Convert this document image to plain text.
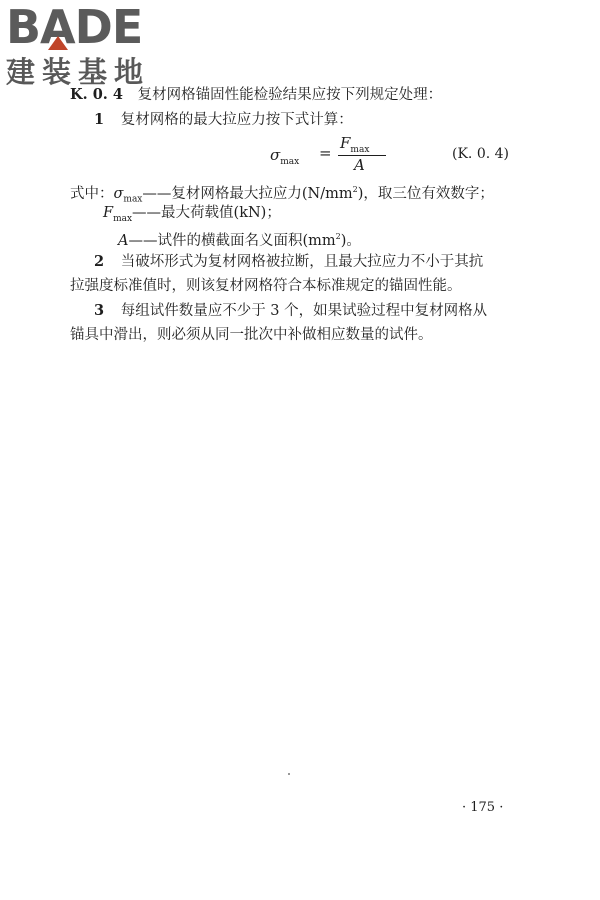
BADE
建装基地
K. 0. 4 复材网格锚固性能检验结果应按下列规定处理：
1 复材网格的最大拉应力按下式计算：
$\sigma_{max}$ =
$F_{max}$
A
(K. 0. 4)
式中：$\sigma_{max}——$复材网格最大拉应力$(N/mm^2)$，取三位有效数字；
$F_{max}——$最大荷载值(kN)；
A——试件的横截面名义面积$(mm^2)$。
2 当破坏形式为复材网格被拉断，且最大拉应力不小于其抗
拉强度标准值时，则该复材网格符合本标准规定的锚固性能。
3 每组试件数量应不少于 3 个，如果试验过程中复材网格从
锚具中滑出，则必须从同一批次中补做相应数量的试件。
· 175 ·
